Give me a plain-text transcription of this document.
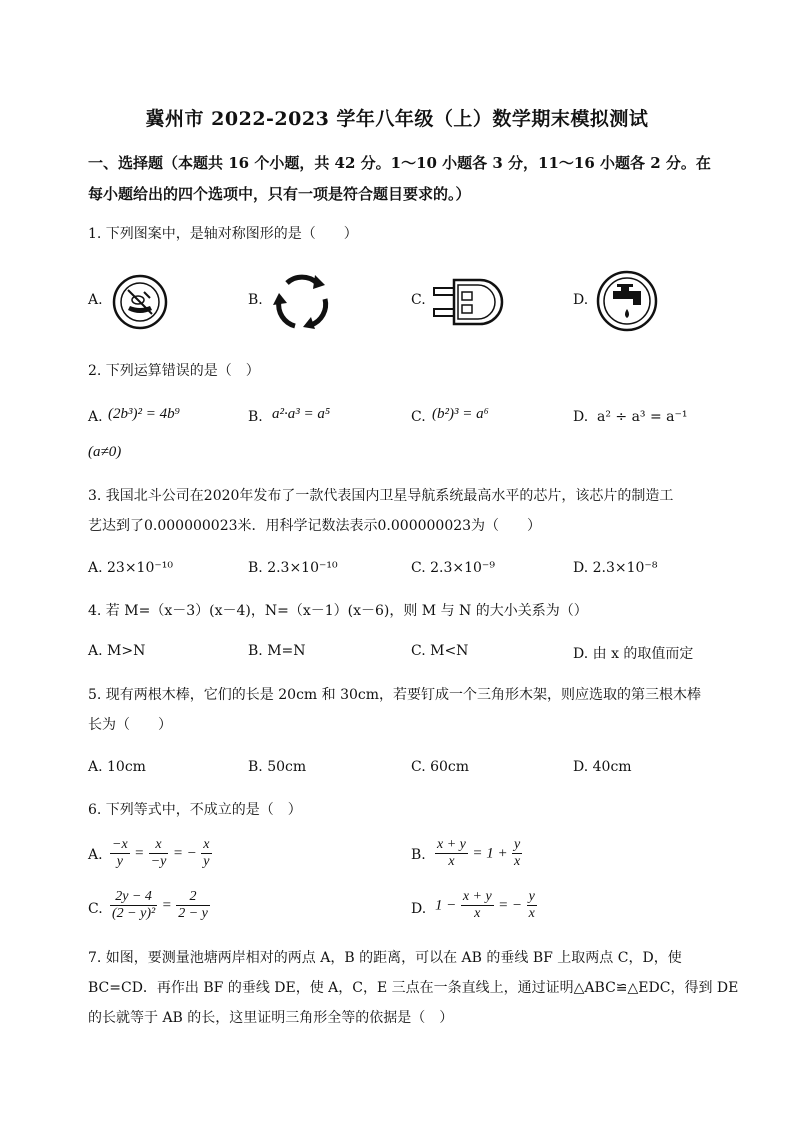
冀州市 2022-2023 学年八年级（上）数学期末模拟测试
一、选择题（本题共 16 个小题，共 42 分。1～10 小题各 3 分，11～16 小题各 2 分。在
每小题给出的四个选项中，只有一项是符合题目要求的。）
1. 下列图案中，是轴对称图形的是（　　）
A.	B.	C.	D.
2. 下列运算错误的是（　）
A. (2b³)² = 4b⁹	B. a²·a³ = a⁵	C. (b²)³ = a⁶	D. a² ÷ a³ = a⁻¹
(a≠0)
3. 我国北斗公司在2020年发布了一款代表国内卫星导航系统最高水平的芯片，该芯片的制造工
艺达到了0.000000023米．用科学记数法表示0.000000023为（　　）
A. 23×10⁻¹⁰	B. 2.3×10⁻¹⁰	C. 2.3×10⁻⁹	D. 2.3×10⁻⁸
4. 若 M=（x－3）(x－4)，N=（x－1）(x－6)，则 M 与 N 的大小关系为（）
A. M>N	B. M=N	C. M<N	D. 由 x 的取值而定
5. 现有两根木棒，它们的长是 20cm 和 30cm，若要钉成一个三角形木架，则应选取的第三根木棒
长为（　　）
A. 10cm	B. 50cm	C. 60cm	D. 40cm
6. 下列等式中，不成立的是（　）
A. $\frac{-x}{y} = \frac{x}{-y}$ = − $\frac{x}{y}$	B. $\frac{x + y}{x} = 1 + \frac{y}{x}$
C. $\frac{2y - 4}{\text{(2 − y)²}} = \frac{2}{2 - y}$	D. $1 - \frac{x + y}{x}$ = − $\frac{y}{x}$
7. 如图，要测量池塘两岸相对的两点 A，B 的距离，可以在 AB 的垂线 BF 上取两点 C，D，使
BC=CD．再作出 BF 的垂线 DE，使 A，C，E 三点在一条直线上，通过证明△ABC≌△EDC，得到 DE
的长就等于 AB 的长，这里证明三角形全等的依据是（　）
